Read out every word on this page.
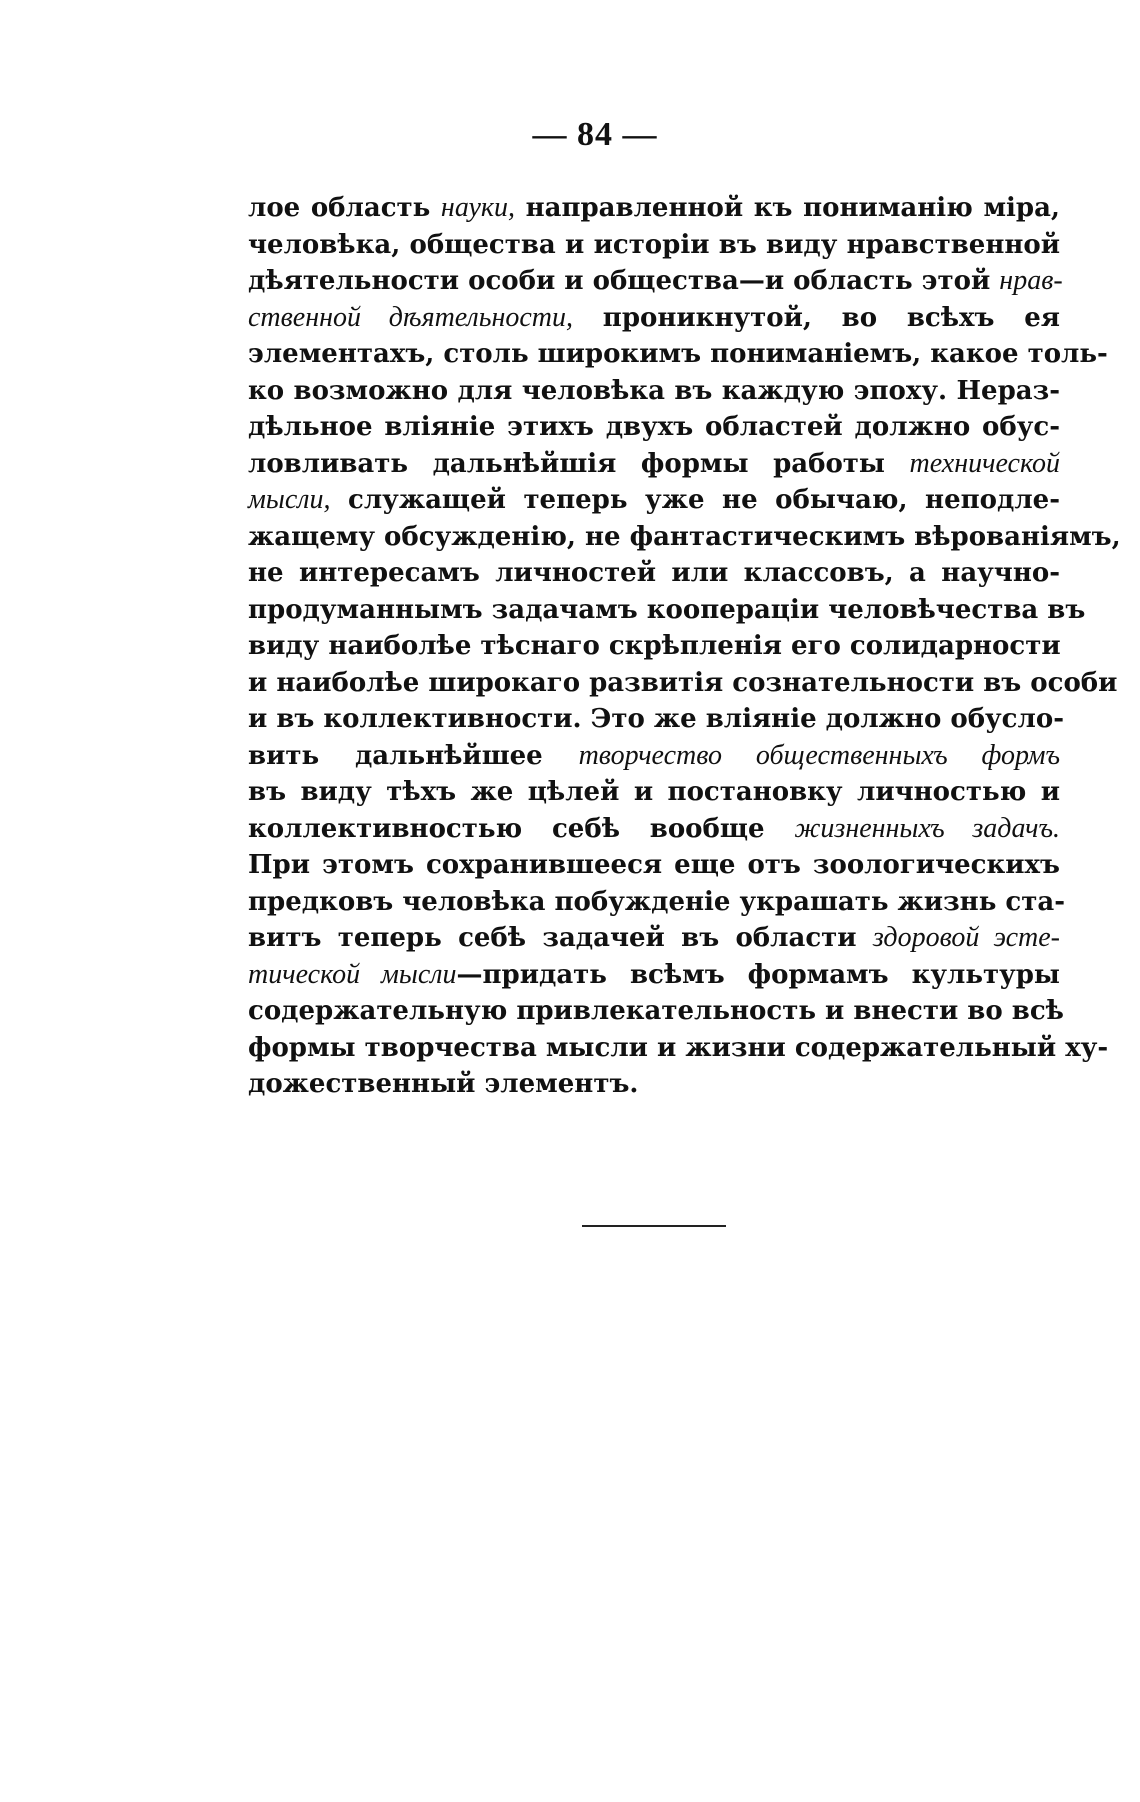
— 84 —
лое область науки, направленной къ пониманію міра,
человѣка, общества и исторіи въ виду нравственной
дѣятельности особи и общества—и область этой нрав-
ственной дѣятельности, проникнутой, во всѣхъ ея
элементахъ, столь широкимъ пониманіемъ, какое толь-
ко возможно для человѣка въ каждую эпоху. Нераз-
дѣльное вліяніе этихъ двухъ областей должно обус-
ловливать дальнѣйшія формы работы технической
мысли, служащей теперь уже не обычаю, неподле-
жащему обсужденію, не фантастическимъ вѣрованіямъ,
не интересамъ личностей или классовъ, а научно-
продуманнымъ задачамъ коопераціи человѣчества въ
виду наиболѣе тѣснаго скрѣпленія его солидарности
и наиболѣе широкаго развитія сознательности въ особи
и въ коллективности. Это же вліяніе должно обусло-
вить дальнѣйшее творчество общественныхъ формъ
въ виду тѣхъ же цѣлей и постановку личностью и
коллективностью себѣ вообще жизненныхъ задачъ.
При этомъ сохранившееся еще отъ зоологическихъ
предковъ человѣка побужденіе украшать жизнь ста-
витъ теперь себѣ задачей въ области здоровой эсте-
тической мысли—придать всѣмъ формамъ культуры
содержательную привлекательность и внести во всѣ
формы творчества мысли и жизни содержательный ху-
дожественный элементъ.
